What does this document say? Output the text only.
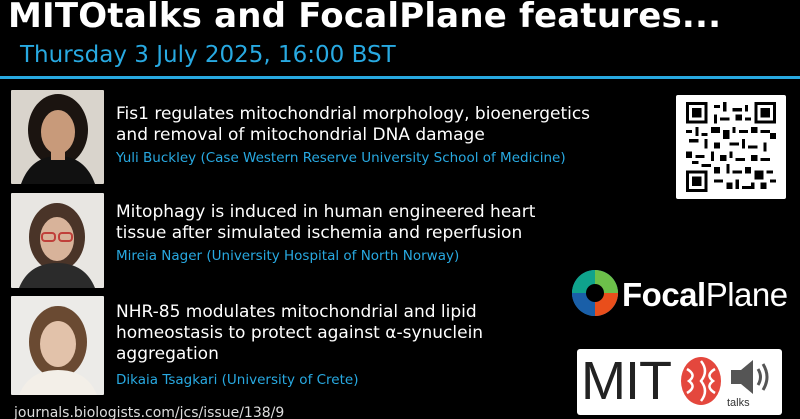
MITOtalks and FocalPlane features...
Thursday 3 July 2025, 16:00 BST
Fis1 regulates mitochondrial morphology, bioenergetics
and removal of mitochondrial DNA damage
Yuli Buckley (Case Western Reserve University School of Medicine)
Mitophagy is induced in human engineered heart
tissue after simulated ischemia and reperfusion
Mireia Nager (University Hospital of North Norway)
NHR-85 modulates mitochondrial and lipid
homeostasis to protect against α-synuclein
aggregation
Dikaia Tsagkari (University of Crete)
FocalPlane
MIT	talks
journals.biologists.com/jcs/issue/138/9
